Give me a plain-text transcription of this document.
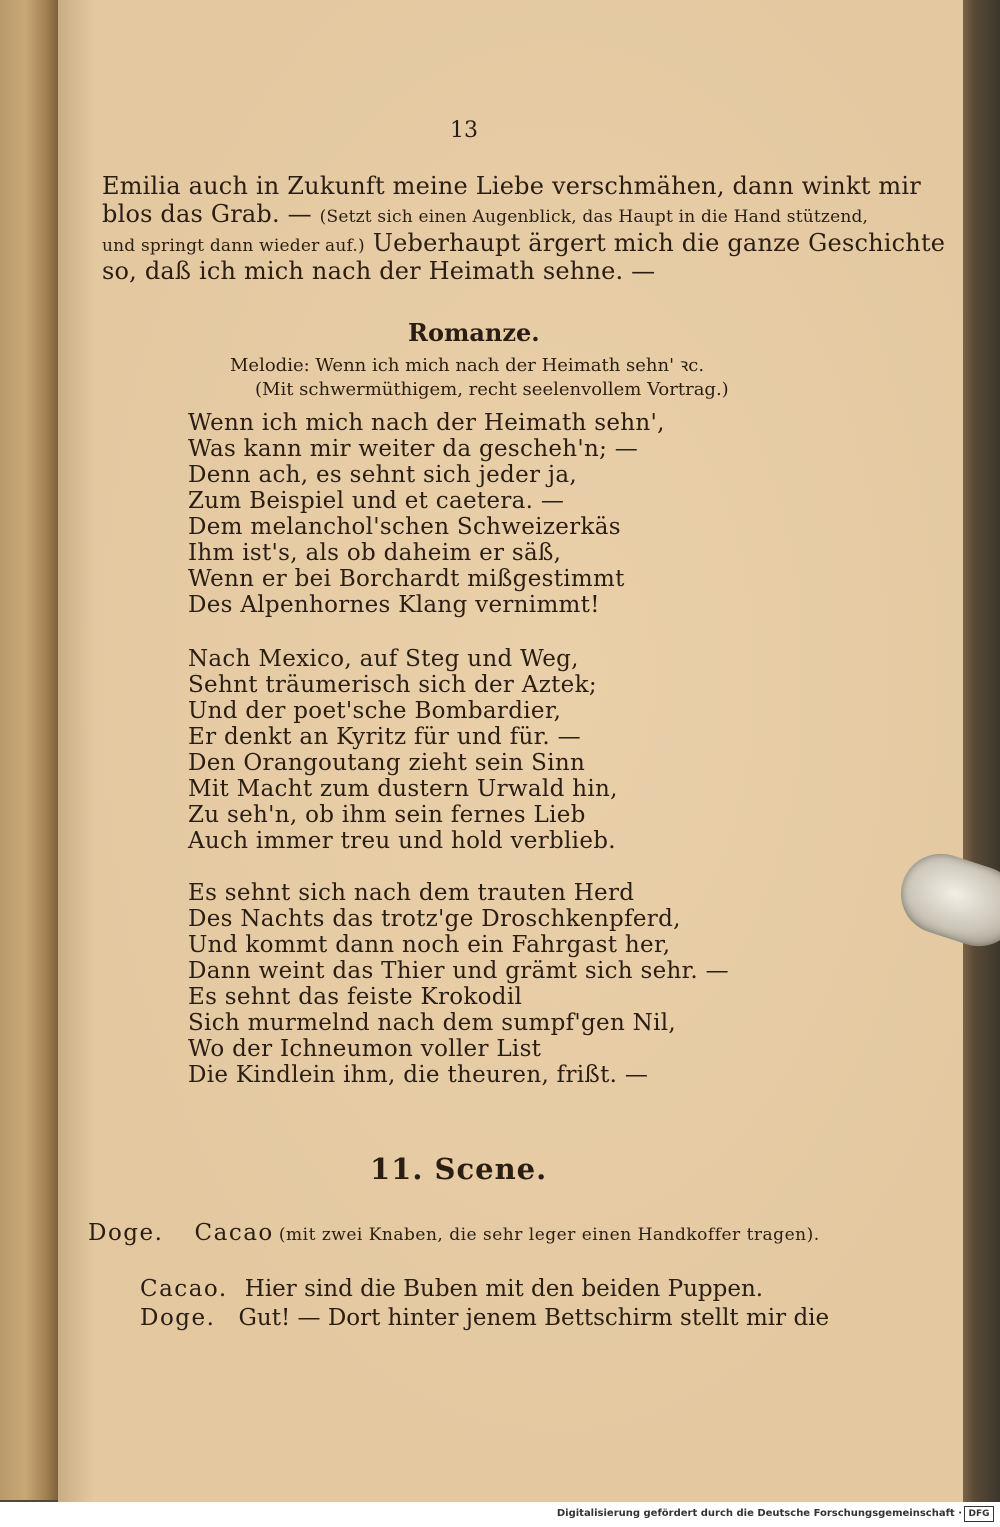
13
Emilia auch in Zukunft meine Liebe verschmähen, dann winkt mir
blos das Grab. — (Setzt sich einen Augenblick, das Haupt in die Hand stützend,
und springt dann wieder auf.) Ueberhaupt ärgert mich die ganze Geschichte
so, daß ich mich nach der Heimath sehne. —
Romanze.
Melodie: Wenn ich mich nach der Heimath sehn' ꝛc.
(Mit schwermüthigem, recht seelenvollem Vortrag.)
Wenn ich mich nach der Heimath sehn',
Was kann mir weiter da gescheh'n; —
Denn ach, es sehnt sich jeder ja,
Zum Beispiel und et caetera. —
Dem melanchol'schen Schweizerkäs
Ihm ist's, als ob daheim er säß,
Wenn er bei Borchardt mißgestimmt
Des Alpenhornes Klang vernimmt!
Nach Mexico, auf Steg und Weg,
Sehnt träumerisch sich der Aztek;
Und der poet'sche Bombardier,
Er denkt an Kyritz für und für. —
Den Orangoutang zieht sein Sinn
Mit Macht zum dustern Urwald hin,
Zu seh'n, ob ihm sein fernes Lieb
Auch immer treu und hold verblieb.
Es sehnt sich nach dem trauten Herd
Des Nachts das trotz'ge Droschkenpferd,
Und kommt dann noch ein Fahrgast her,
Dann weint das Thier und grämt sich sehr. —
Es sehnt das feiste Krokodil
Sich murmelnd nach dem sumpf'gen Nil,
Wo der Ichneumon voller List
Die Kindlein ihm, die theuren, frißt. —
11. Scene.
Doge. Cacao (mit zwei Knaben, die sehr leger einen Handkoffer tragen).
Cacao. Hier sind die Buben mit den beiden Puppen.
Doge. Gut! — Dort hinter jenem Bettschirm stellt mir die
Digitalisierung gefördert durch die Deutsche Forschungsgemeinschaft · DFG
